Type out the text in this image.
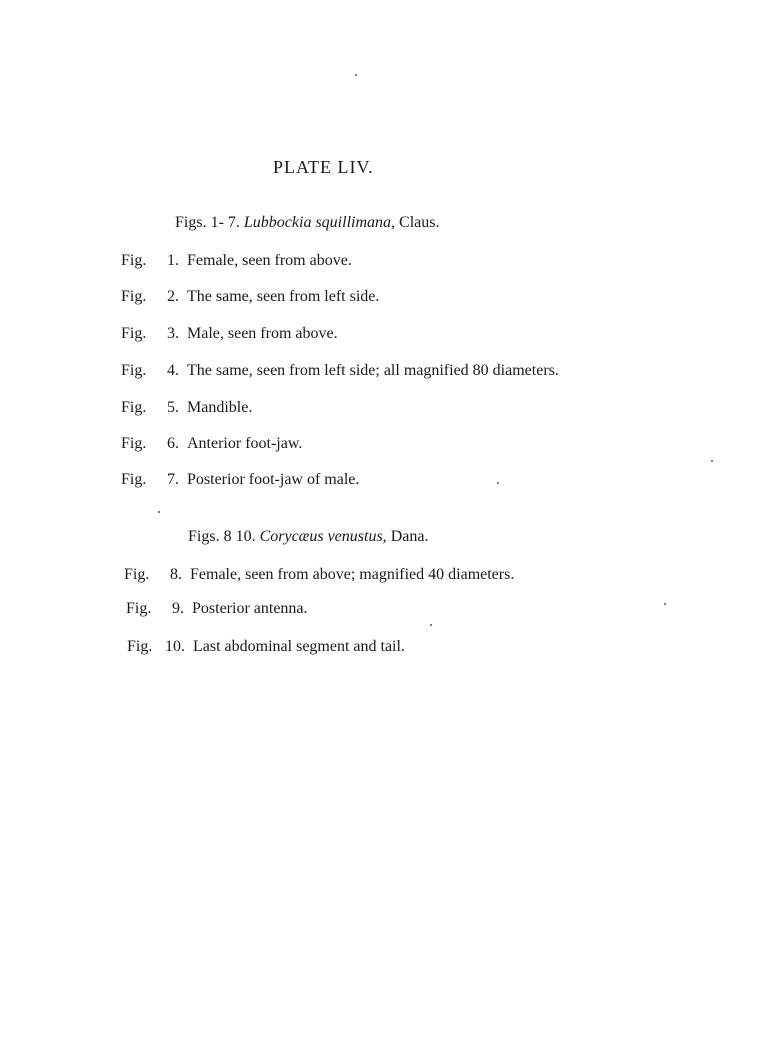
PLATE LIV.
Figs. 1- 7. Lubbockia squillimana, Claus.
Fig. 1. Female, seen from above.
Fig. 2. The same, seen from left side.
Fig. 3. Male, seen from above.
Fig. 4. The same, seen from left side; all magnified 80 diameters.
Fig. 5. Mandible.
Fig. 6. Anterior foot-jaw.
Fig. 7. Posterior foot-jaw of male.
Figs. 8 10. Corycæus venustus, Dana.
Fig. 8. Female, seen from above; magnified 40 diameters.
Fig. 9. Posterior antenna.
Fig. 10. Last abdominal segment and tail.
